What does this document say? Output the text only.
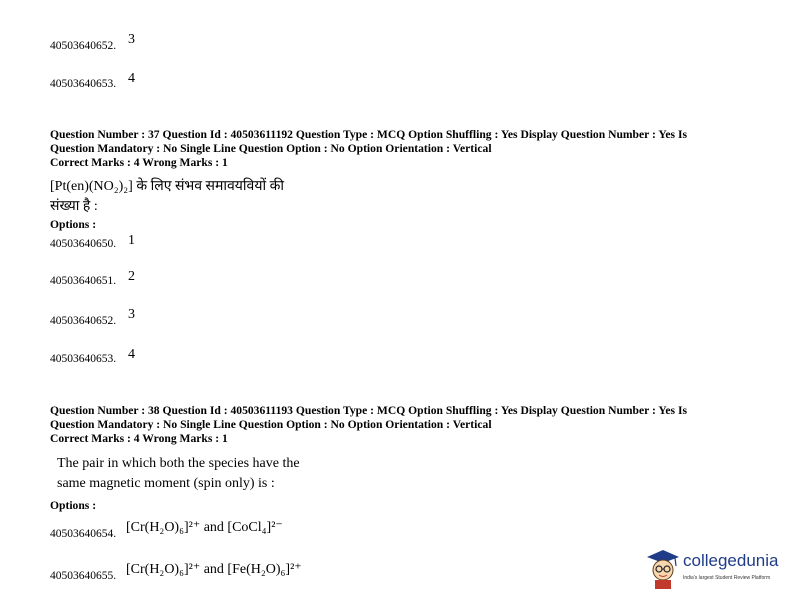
40503640652. 3
40503640653. 4
Question Number : 37 Question Id : 40503611192 Question Type : MCQ Option Shuffling : Yes Display Question Number : Yes Is
Question Mandatory : No Single Line Question Option : No Option Orientation : Vertical
Correct Marks : 4 Wrong Marks : 1
[Pt(en)(NO₂)₂] के लिए संभव समावयवियों की
संख्या है :
Options :
40503640650. 1
40503640651. 2
40503640652. 3
40503640653. 4
Question Number : 38 Question Id : 40503611193 Question Type : MCQ Option Shuffling : Yes Display Question Number : Yes Is
Question Mandatory : No Single Line Question Option : No Option Orientation : Vertical
Correct Marks : 4 Wrong Marks : 1
The pair in which both the species have the
same magnetic moment (spin only) is :
Options :
40503640654. [Cr(H₂O)₆]²⁺ and [CoCl₄]²⁻
40503640655. [Cr(H₂O)₆]²⁺ and [Fe(H₂O)₆]²⁺	collegedunia
India's largest Student Review Platform
